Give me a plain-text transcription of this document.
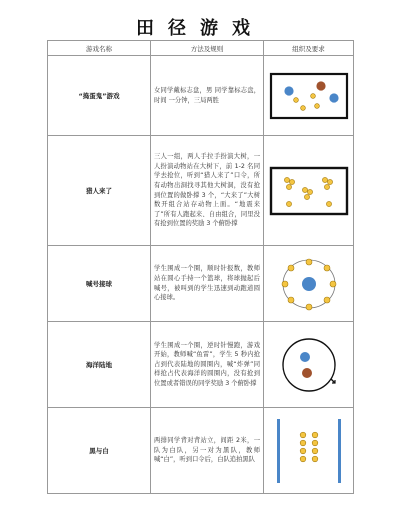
田径游戏
游戏名称	方法及规则	组织及要求
“捣蛋鬼”游戏	女同学戴标志盘，男 同学靠标志盘，时间 一分钟，三局两胜	

猎人来了	三人一组，两人手拉手扮演大树，一人扮演动物站在大树下，前 1-2 名同学去抢位，听到“猎人来了”口令，所有动物出洞找寻其他大树洞，没有抢到位置的做卧撑 3 个，“大来了”大树数开组合站存动物上面。“地震来了”所有人跑起来、自由组合，同里没有抢到位置的奖励 3 个俯卧撑	

喊号接球	学生围成一个圈，顺时针报数，教师站在圆心手持一个篮球，将球抛起后喊号，被叫到的学生迅速到动跑道圆心接球。	

海洋陆地	学生围成一个圈，逆时针慢跑，游戏开始，教师喊“鱼雷”，学生 5 秒内抢占到代表陆地的圆圈内，喊“炸弹”同样抢占代表海洋的圆圈内，没有抢到位置或者错误的同学奖励 3 个俯卧撑	

黑与白	两排同学背对背站立，间距 2米，一队为白队，另一对为黑队，教师喊“白”，听到口令后，白队追拍黑队	
